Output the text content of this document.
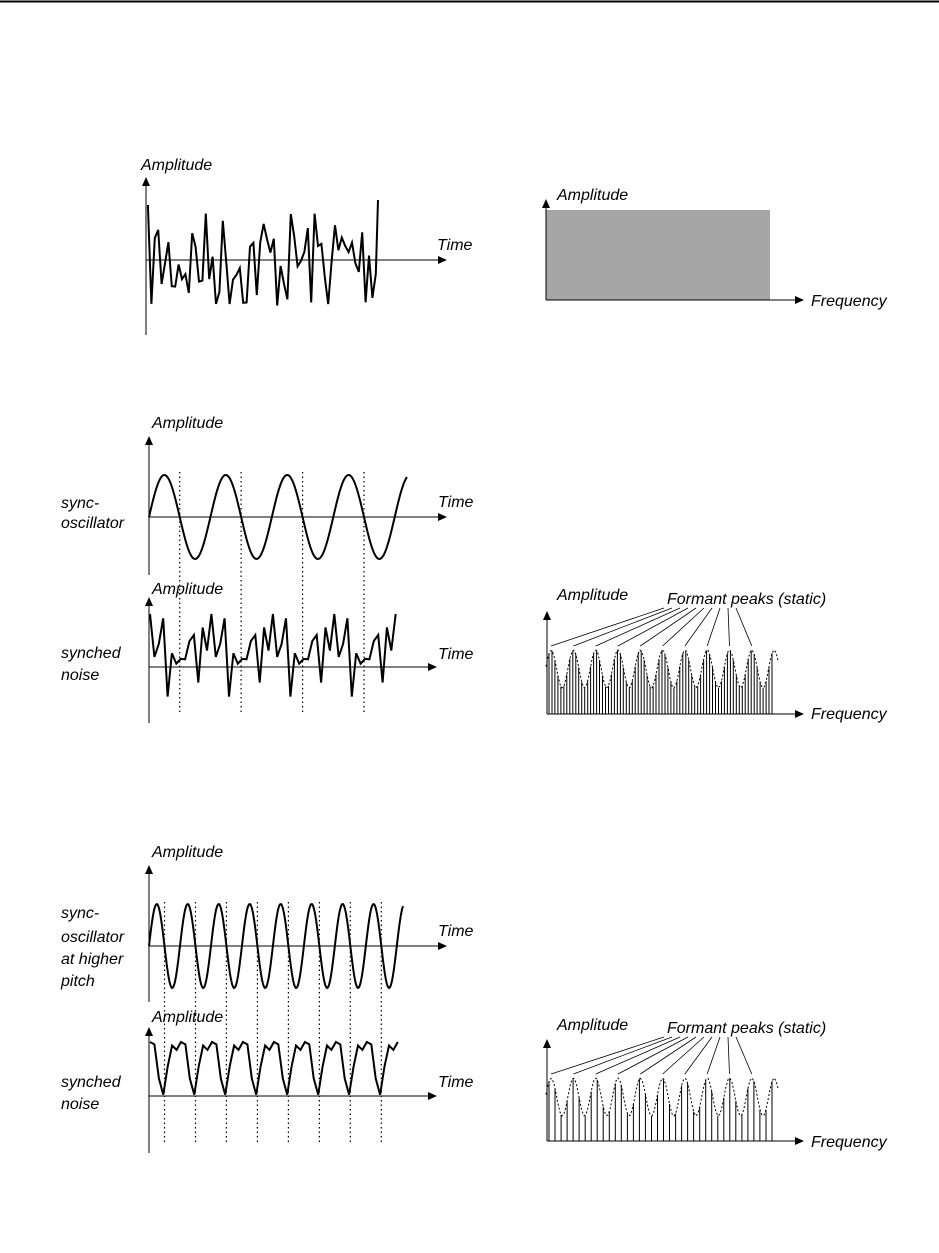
Amplitude
Time
Amplitude
Frequency
Amplitude
Time
sync- oscillator
Amplitude
Time
synched noise
Amplitude Formant peaks (static)
Frequency
Amplitude
Time
sync- oscillator at higher pitch
Amplitude
Time
synched noise
Amplitude Formant peaks (static)
Frequency
